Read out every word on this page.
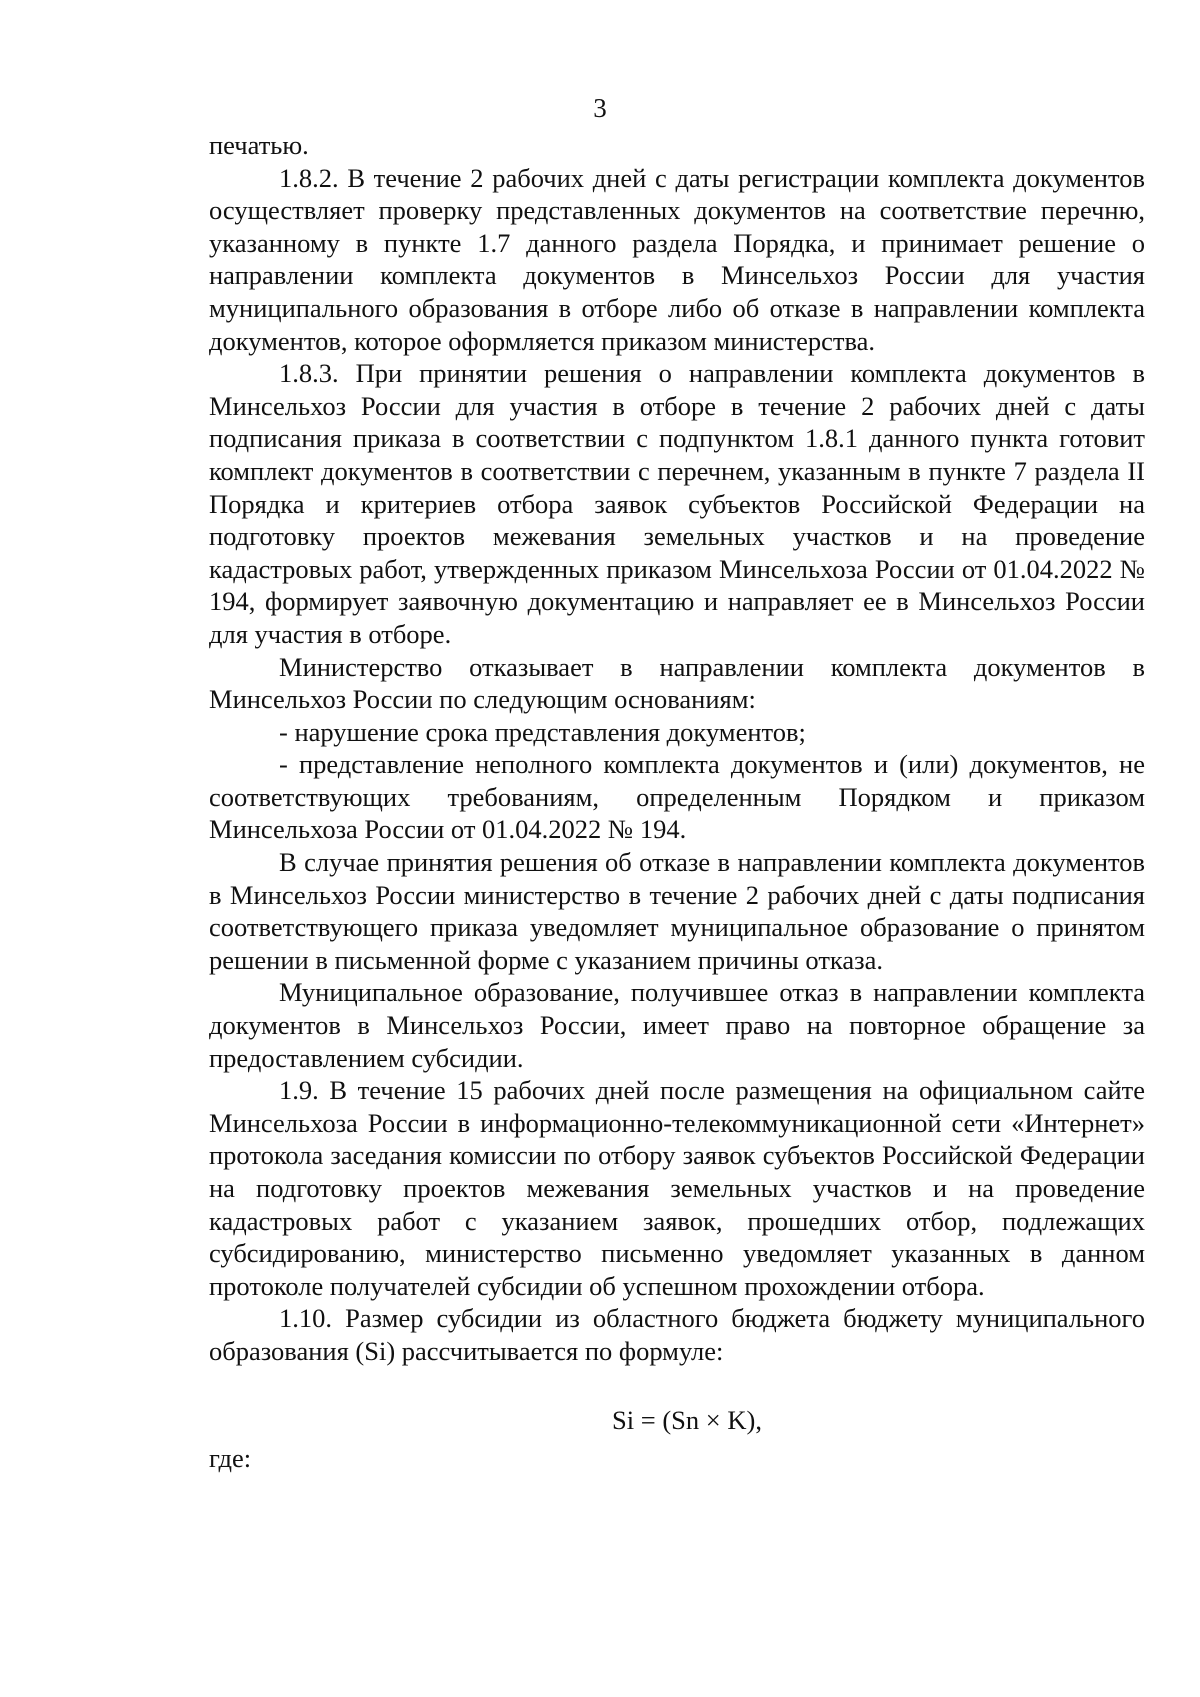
3

печатью.

1.8.2. В течение 2 рабочих дней с даты регистрации комплекта документов осуществляет проверку представленных документов на соответствие перечню, указанному в пункте 1.7 данного раздела Порядка, и принимает решение о направлении комплекта документов в Минсельхоз России для участия муниципального образования в отборе либо об отказе в направлении комплекта документов, которое оформляется приказом министерства.

1.8.3. При принятии решения о направлении комплекта документов в Минсельхоз России для участия в отборе в течение 2 рабочих дней с даты подписания приказа в соответствии с подпунктом 1.8.1 данного пункта готовит комплект документов в соответствии с перечнем, указанным в пункте 7 раздела II Порядка и критериев отбора заявок субъектов Российской Федерации на подготовку проектов межевания земельных участков и на проведение кадастровых работ, утвержденных приказом Минсельхоза России от 01.04.2022 № 194, формирует заявочную документацию и направляет ее в Минсельхоз России для участия в отборе.

Министерство отказывает в направлении комплекта документов в Минсельхоз России по следующим основаниям:

- нарушение срока представления документов;

- представление неполного комплекта документов и (или) документов, не соответствующих требованиям, определенным Порядком и приказом Минсельхоза России от 01.04.2022 № 194.

В случае принятия решения об отказе в направлении комплекта документов в Минсельхоз России министерство в течение 2 рабочих дней с даты подписания соответствующего приказа уведомляет муниципальное образование о принятом решении в письменной форме с указанием причины отказа.

Муниципальное образование, получившее отказ в направлении комплекта документов в Минсельхоз России, имеет право на повторное обращение за предоставлением субсидии.

1.9. В течение 15 рабочих дней после размещения на официальном сайте Минсельхоза России в информационно-телекоммуникационной сети «Интернет» протокола заседания комиссии по отбору заявок субъектов Российской Федерации на подготовку проектов межевания земельных участков и на проведение кадастровых работ с указанием заявок, прошедших отбор, подлежащих субсидированию, министерство письменно уведомляет указанных в данном протоколе получателей субсидии об успешном прохождении отбора.

1.10. Размер субсидии из областного бюджета бюджету муниципального образования (Si) рассчитывается по формуле:

Si = (Sn × K),

где:
